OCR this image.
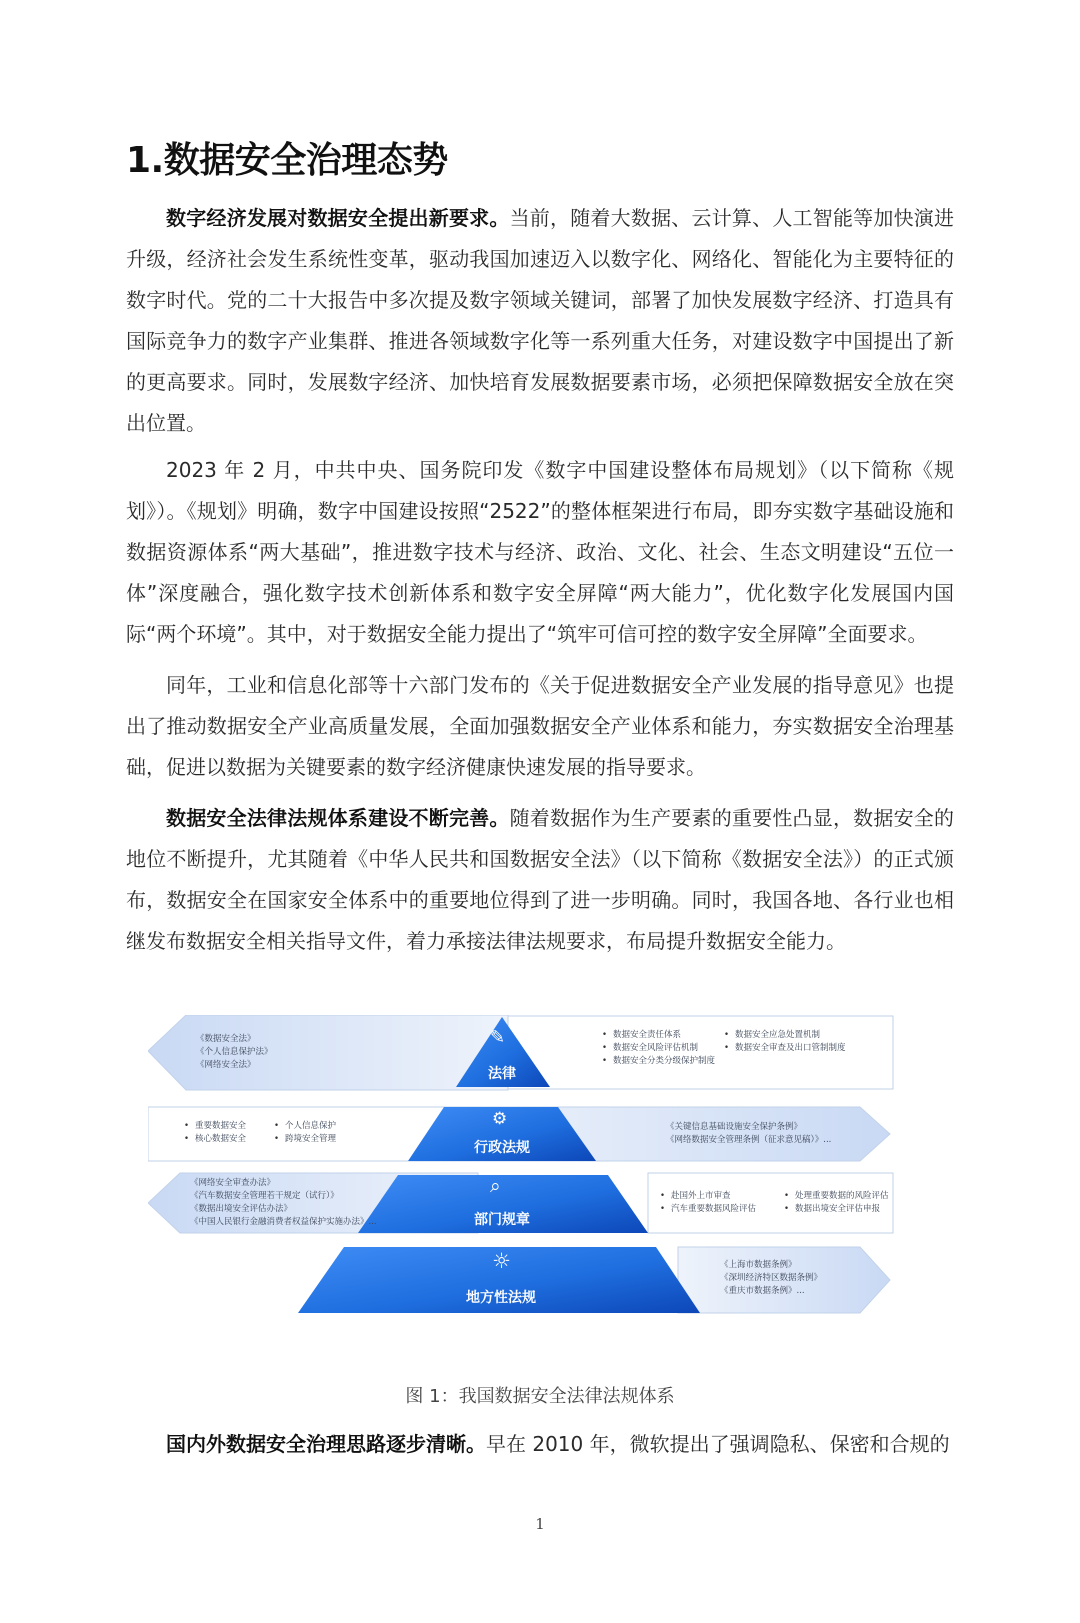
1.数据安全治理态势

数字经济发展对数据安全提出新要求。当前，随着大数据、云计算、人工智能等加快演进升级，经济社会发生系统性变革，驱动我国加速迈入以数字化、网络化、智能化为主要特征的数字时代。党的二十大报告中多次提及数字领域关键词，部署了加快发展数字经济、打造具有国际竞争力的数字产业集群、推进各领域数字化等一系列重大任务，对建设数字中国提出了新的更高要求。同时，发展数字经济、加快培育发展数据要素市场，必须把保障数据安全放在突出位置。

2023 年 2 月，中共中央、国务院印发《数字中国建设整体布局规划》（以下简称《规划》）。《规划》明确，数字中国建设按照“2522”的整体框架进行布局，即夯实数字基础设施和数据资源体系“两大基础”，推进数字技术与经济、政治、文化、社会、生态文明建设“五位一体”深度融合，强化数字技术创新体系和数字安全屏障“两大能力”，优化数字化发展国内国际“两个环境”。其中，对于数据安全能力提出了“筑牢可信可控的数字安全屏障”全面要求。

同年，工业和信息化部等十六部门发布的《关于促进数据安全产业发展的指导意见》也提出了推动数据安全产业高质量发展，全面加强数据安全产业体系和能力，夯实数据安全治理基础，促进以数据为关键要素的数字经济健康快速发展的指导要求。

数据安全法律法规体系建设不断完善。随着数据作为生产要素的重要性凸显，数据安全的地位不断提升，尤其随着《中华人民共和国数据安全法》（以下简称《数据安全法》）的正式颁布，数据安全在国家安全体系中的重要地位得到了进一步明确。同时，我国各地、各行业也相继发布数据安全相关指导文件，着力承接法律法规要求，布局提升数据安全能力。

✎
法律
⚙
行政法规
⌕
部门规章
☼
地方性法规
《数据安全法》
《个人信息保护法》
《网络安全法》
• 数据安全责任体系
• 数据安全风险评估机制
• 数据安全分类分级保护制度
• 数据安全应急处置机制
• 数据安全审查及出口管制制度
• 重要数据安全	• 个人信息保护
• 核心数据安全	• 跨境安全管理
《关键信息基础设施安全保护条例》
《网络数据安全管理条例（征求意见稿）》...
《网络安全审查办法》
《汽车数据安全管理若干规定（试行）》
《数据出境安全评估办法》
《中国人民银行金融消费者权益保护实施办法》...
• 赴国外上市审查	• 处理重要数据的风险评估
• 汽车重要数据风险评估	• 数据出境安全评估申报
《上海市数据条例》
《深圳经济特区数据条例》
《重庆市数据条例》...

图 1：我国数据安全法律法规体系

国内外数据安全治理思路逐步清晰。早在 2010 年，微软提出了强调隐私、保密和合规的

1
